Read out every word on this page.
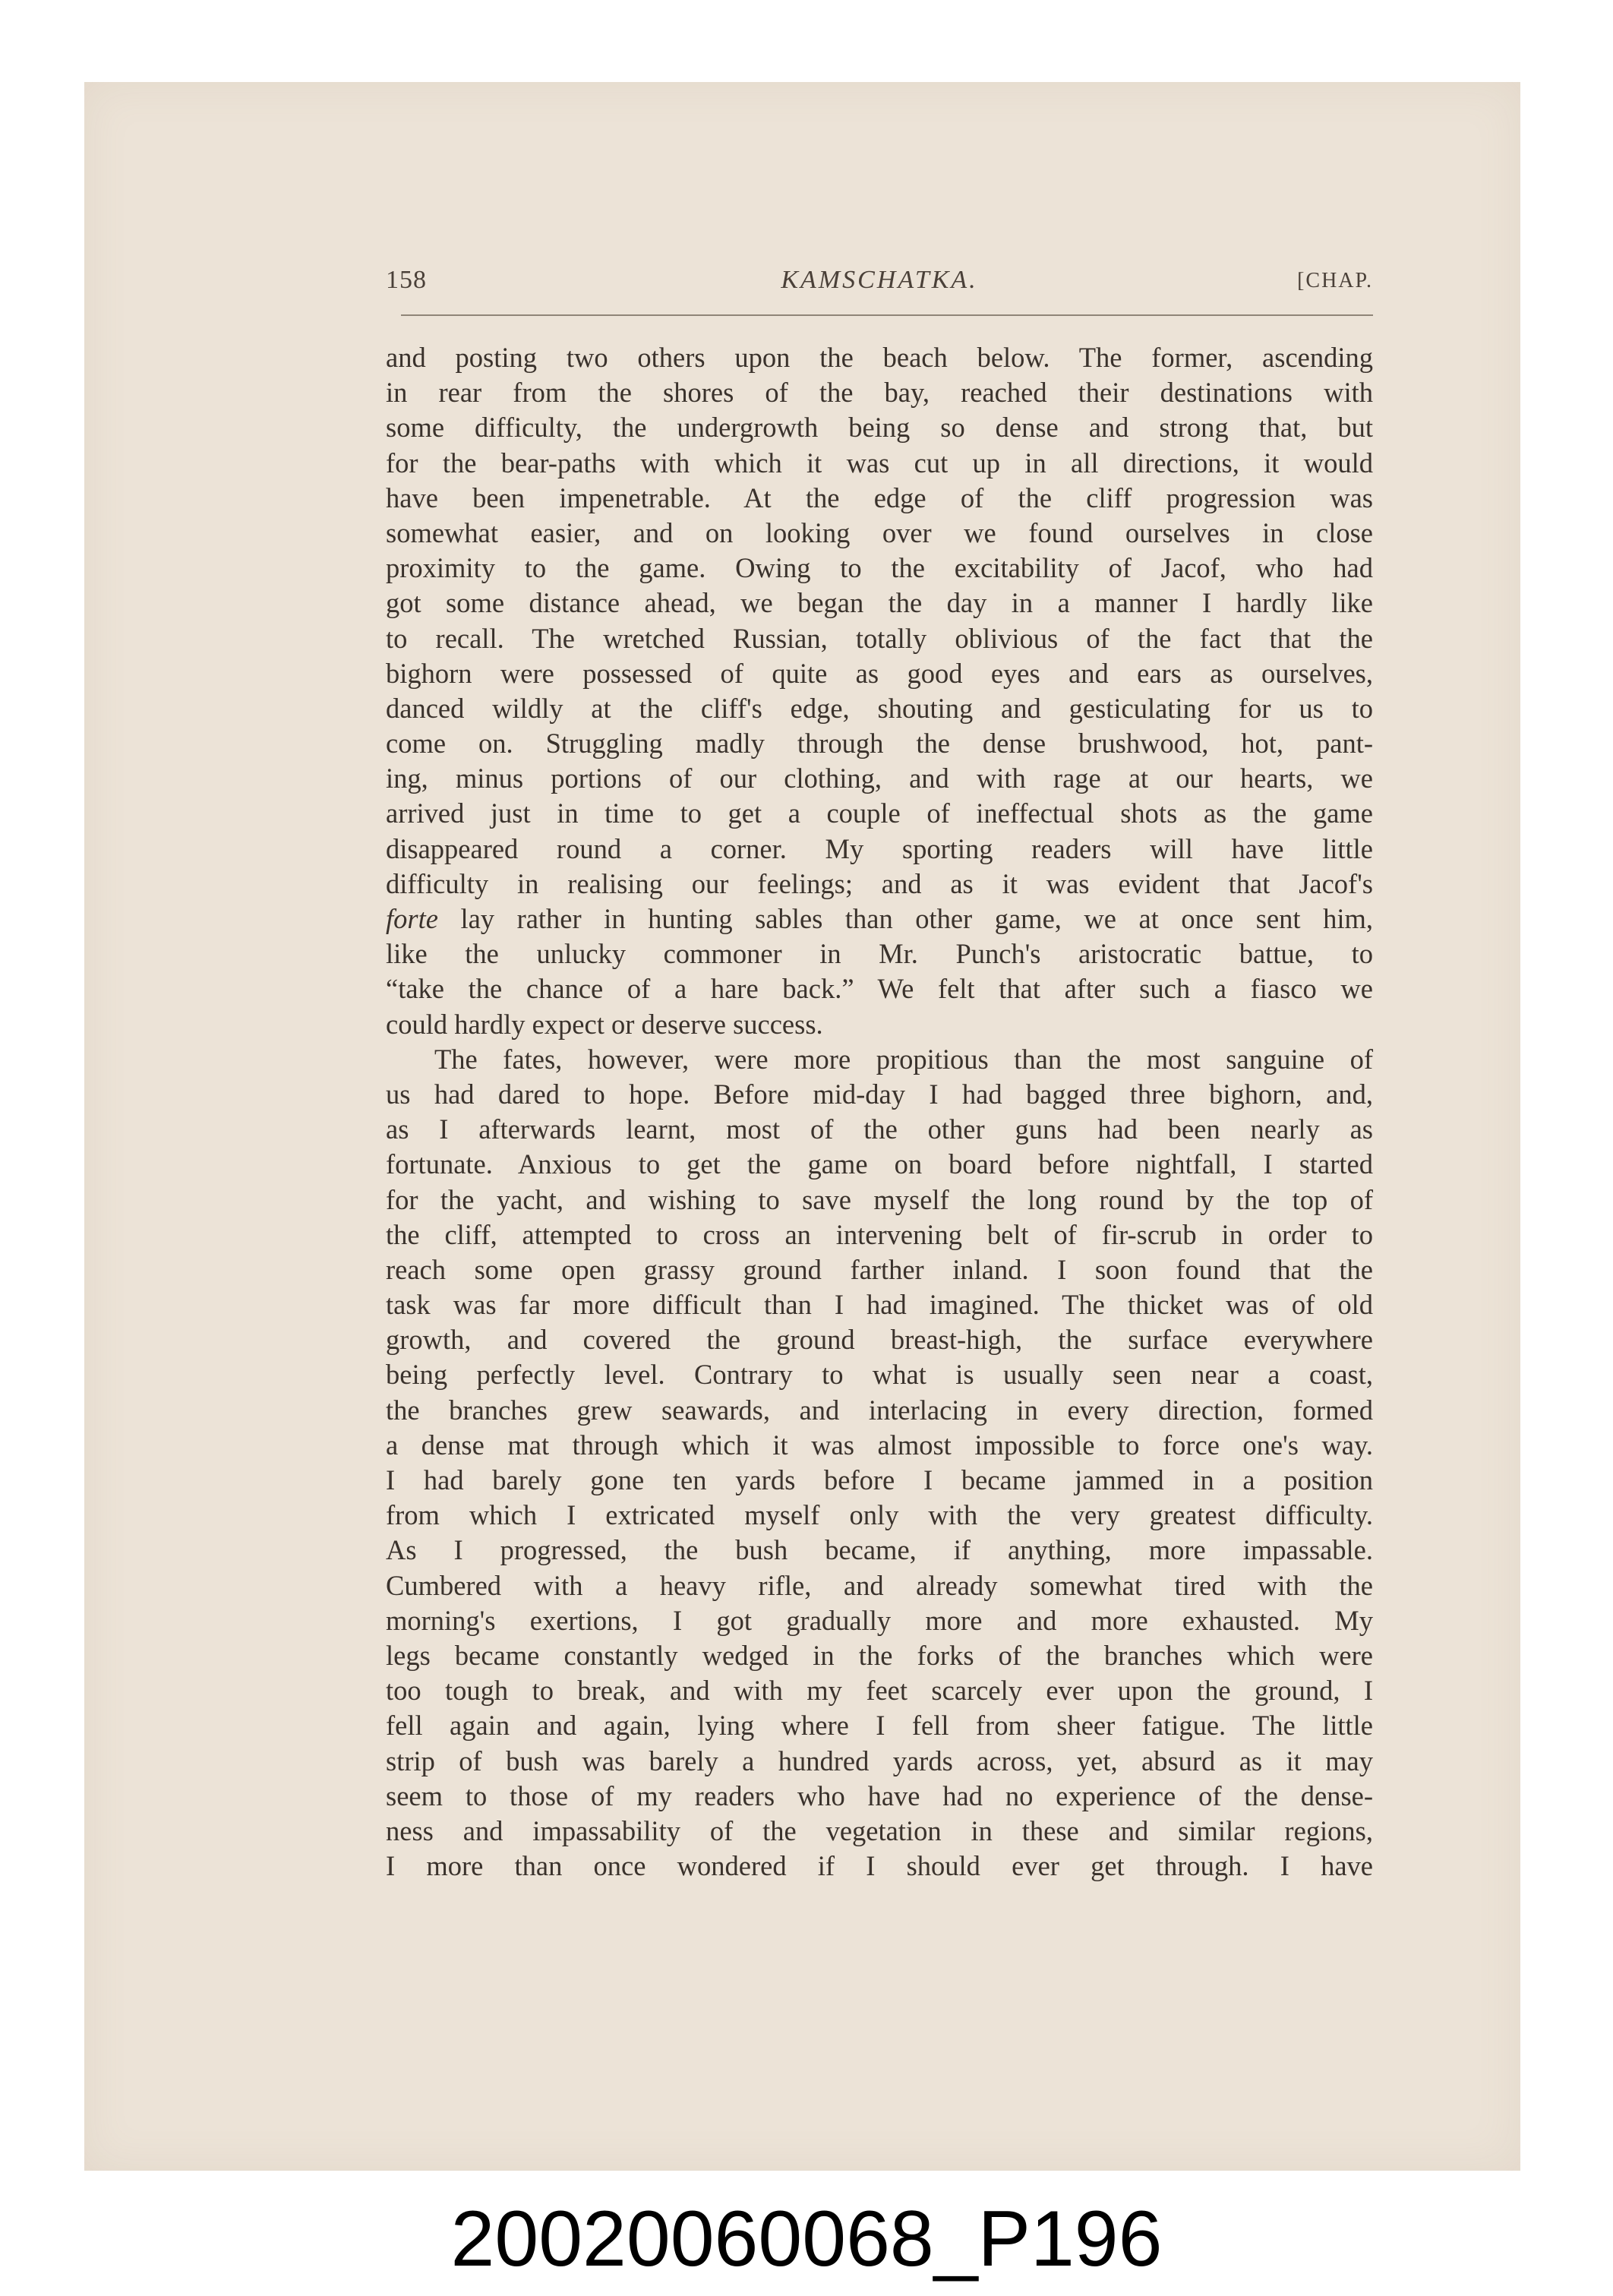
158	KAMSCHATKA.	[CHAP.
and posting two others upon the beach below. The former, ascending
in rear from the shores of the bay, reached their destinations with
some difficulty, the undergrowth being so dense and strong that, but
for the bear-paths with which it was cut up in all directions, it would
have been impenetrable. At the edge of the cliff progression was
somewhat easier, and on looking over we found ourselves in close
proximity to the game. Owing to the excitability of Jacof, who had
got some distance ahead, we began the day in a manner I hardly like
to recall. The wretched Russian, totally oblivious of the fact that the
bighorn were possessed of quite as good eyes and ears as ourselves,
danced wildly at the cliff's edge, shouting and gesticulating for us to
come on. Struggling madly through the dense brushwood, hot, pant-
ing, minus portions of our clothing, and with rage at our hearts, we
arrived just in time to get a couple of ineffectual shots as the game
disappeared round a corner. My sporting readers will have little
difficulty in realising our feelings; and as it was evident that Jacof's
forte lay rather in hunting sables than other game, we at once sent him,
like the unlucky commoner in Mr. Punch's aristocratic battue, to
“take the chance of a hare back.” We felt that after such a fiasco we
could hardly expect or deserve success.
The fates, however, were more propitious than the most sanguine of
us had dared to hope. Before mid-day I had bagged three bighorn, and,
as I afterwards learnt, most of the other guns had been nearly as
fortunate. Anxious to get the game on board before nightfall, I started
for the yacht, and wishing to save myself the long round by the top of
the cliff, attempted to cross an intervening belt of fir-scrub in order to
reach some open grassy ground farther inland. I soon found that the
task was far more difficult than I had imagined. The thicket was of old
growth, and covered the ground breast-high, the surface everywhere
being perfectly level. Contrary to what is usually seen near a coast,
the branches grew seawards, and interlacing in every direction, formed
a dense mat through which it was almost impossible to force one's way.
I had barely gone ten yards before I became jammed in a position
from which I extricated myself only with the very greatest difficulty.
As I progressed, the bush became, if anything, more impassable.
Cumbered with a heavy rifle, and already somewhat tired with the
morning's exertions, I got gradually more and more exhausted. My
legs became constantly wedged in the forks of the branches which were
too tough to break, and with my feet scarcely ever upon the ground, I
fell again and again, lying where I fell from sheer fatigue. The little
strip of bush was barely a hundred yards across, yet, absurd as it may
seem to those of my readers who have had no experience of the dense-
ness and impassability of the vegetation in these and similar regions,
I more than once wondered if I should ever get through. I have
20020060068_P196
